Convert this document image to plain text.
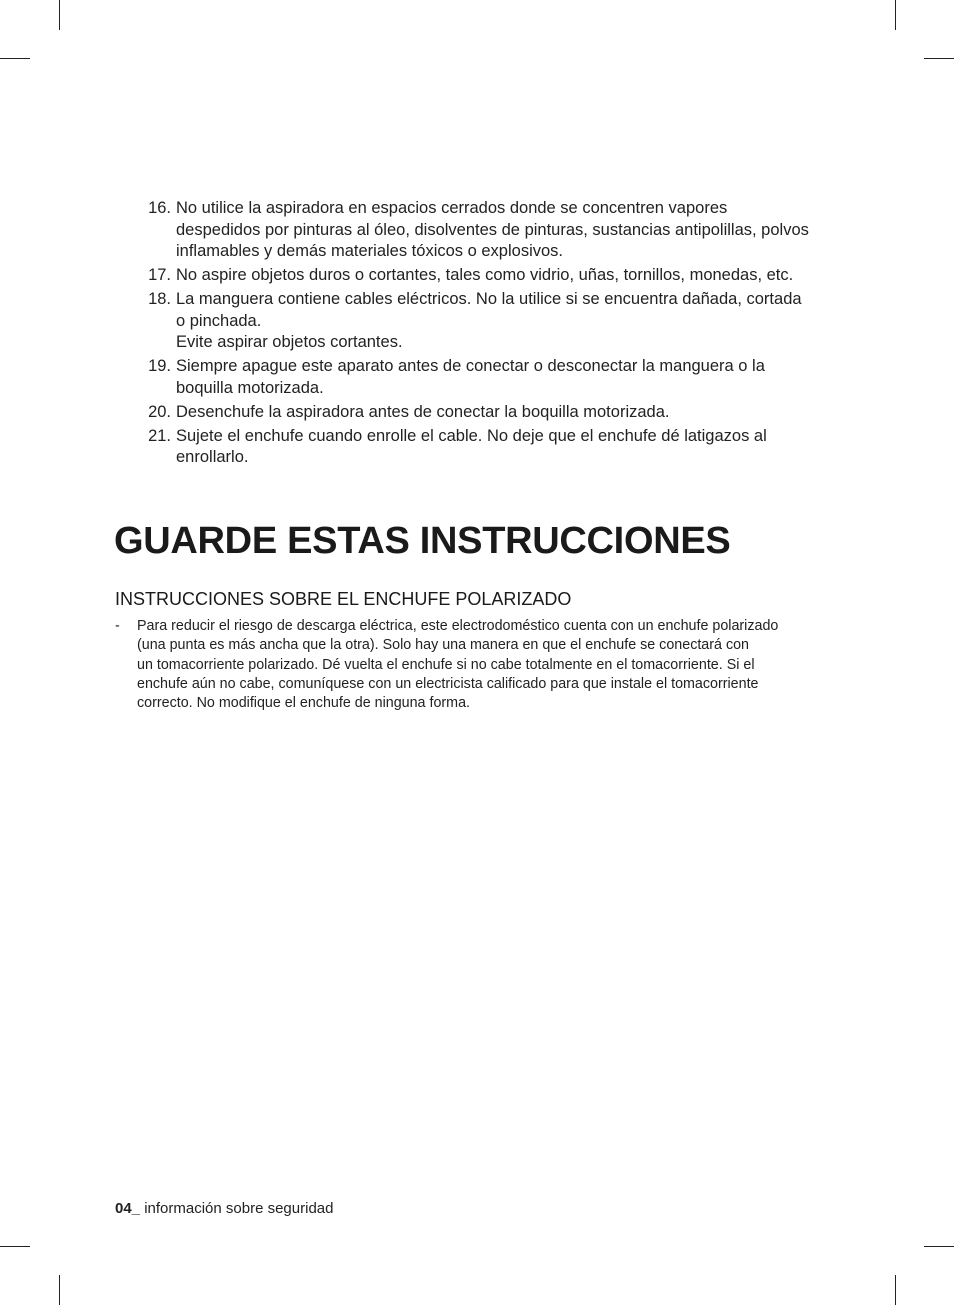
16. No utilice la aspiradora en espacios cerrados donde se concentren vapores
despedidos por pinturas al óleo, disolventes de pinturas, sustancias antipolillas, polvos
inflamables y demás materiales tóxicos o explosivos.
17. No aspire objetos duros o cortantes, tales como vidrio, uñas, tornillos, monedas, etc.
18. La manguera contiene cables eléctricos. No la utilice si se encuentra dañada, cortada
o pinchada.
Evite aspirar objetos cortantes.
19. Siempre apague este aparato antes de conectar o desconectar la manguera o la
boquilla motorizada.
20. Desenchufe la aspiradora antes de conectar la boquilla motorizada.
21. Sujete el enchufe cuando enrolle el cable. No deje que el enchufe dé latigazos al
enrollarlo.
GUARDE ESTAS INSTRUCCIONES
INSTRUCCIONES SOBRE EL ENCHUFE POLARIZADO
-	Para reducir el riesgo de descarga eléctrica, este electrodoméstico cuenta con un enchufe polarizado
(una punta es más ancha que la otra). Solo hay una manera en que el enchufe se conectará con
un tomacorriente polarizado. Dé vuelta el enchufe si no cabe totalmente en el tomacorriente. Si el
enchufe aún no cabe, comuníquese con un electricista calificado para que instale el tomacorriente
correcto. No modifique el enchufe de ninguna forma.
04_ información sobre seguridad
